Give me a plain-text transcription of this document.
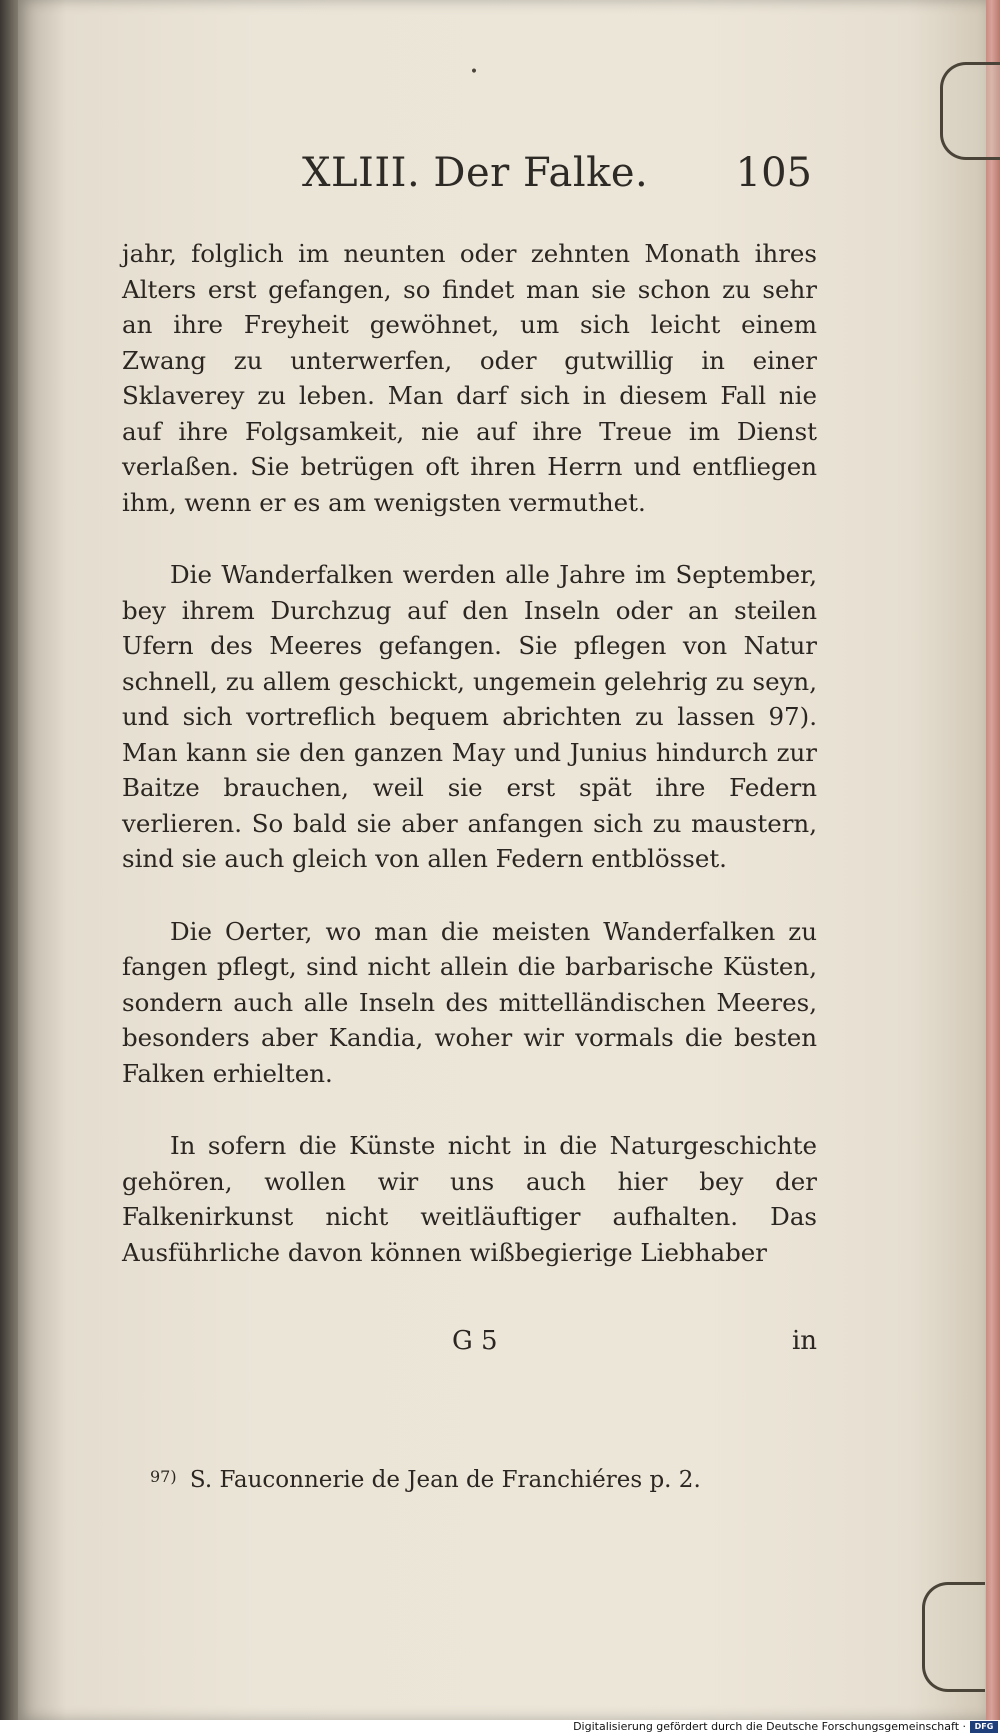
•
XLIII. Der Falke. 105

jahr, folglich im neunten oder zehnten Monath ihres Alters erst gefangen, so findet man sie schon zu sehr an ihre Freyheit gewöhnet, um sich leicht einem Zwang zu unterwerfen, oder gutwillig in einer Sklaverey zu leben. Man darf sich in diesem Fall nie auf ihre Folgsamkeit, nie auf ihre Treue im Dienst verlaßen. Sie betrügen oft ihren Herrn und entfliegen ihm, wenn er es am wenigsten vermuthet.

Die Wanderfalken werden alle Jahre im September, bey ihrem Durchzug auf den Inseln oder an steilen Ufern des Meeres gefangen. Sie pflegen von Natur schnell, zu allem geschickt, ungemein gelehrig zu seyn, und sich vortreflich bequem abrichten zu lassen 97). Man kann sie den ganzen May und Junius hindurch zur Baitze brauchen, weil sie erst spät ihre Federn verlieren. So bald sie aber anfangen sich zu maustern, sind sie auch gleich von allen Federn entblösset.

Die Oerter, wo man die meisten Wanderfalken zu fangen pflegt, sind nicht allein die barbarische Küsten, sondern auch alle Inseln des mittelländischen Meeres, besonders aber Kandia, woher wir vormals die besten Falken erhielten.

In sofern die Künste nicht in die Naturgeschichte gehören, wollen wir uns auch hier bey der Falkenirkunst nicht weitläuftiger aufhalten. Das Ausführliche davon können wißbegierige Liebhaber

G 5	in
$^{97)}$ S. Fauconnerie de Jean de Franchiéres p. 2.
Digitalisierung gefördert durch die Deutsche Forschungsgemeinschaft ·	DFG
